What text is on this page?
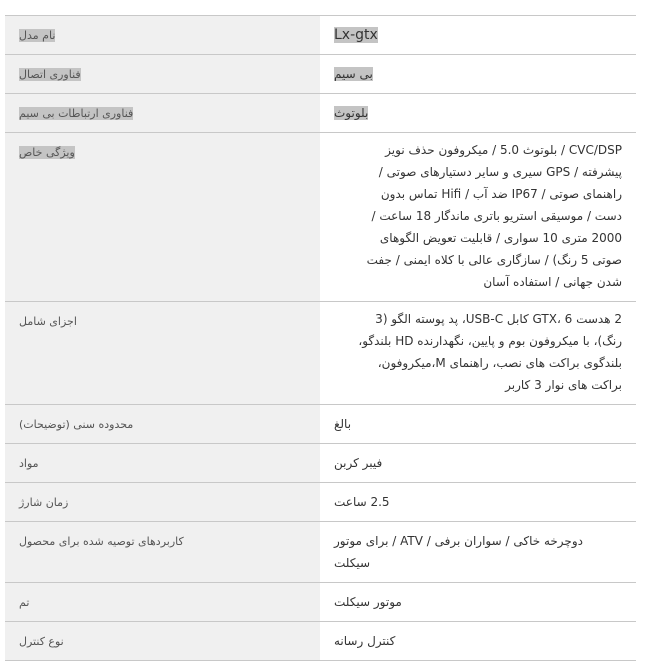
نام مدل	Lx-gtx

فناوری اتصال	بی سیم

فناوری ارتباطات بی سیم	بلوتوث

ویژگی خاص	CVC/DSP / بلوتوث 5.0 / میکروفون حذف نویز پیشرفته / GPS سیری و سایر دستیارهای صوتی / راهنمای صوتی / IP67 ضد آب / Hifi تماس بدون دست / موسیقی استریو باتری ماندگار 18 ساعت / 2000 متری 10 سواری / قابلیت تعویض الگوهای صوتی 5 رنگ) / سازگاری عالی با کلاه ایمنی / جفت شدن جهانی / استفاده آسان

اجزای شامل	2 هدست GTX، 6 کابل USB-C، پد پوسته الگو (3 رنگ)، با میکروفون بوم و پایین، نگهدارنده HD بلندگو، بلندگوی براکت های نصب، راهنمای M،میکروفون، براکت های نوار 3 کاربر

محدوده سنی (توضیحات)	بالغ

مواد	فیبر کربن

زمان شارژ	2.5 ساعت

کاربردهای توصیه شده برای محصول	دوچرخه خاکی / سواران برفی / ATV / برای موتور سیکلت

تم	موتور سیکلت

نوع کنترل	کنترل رسانه
